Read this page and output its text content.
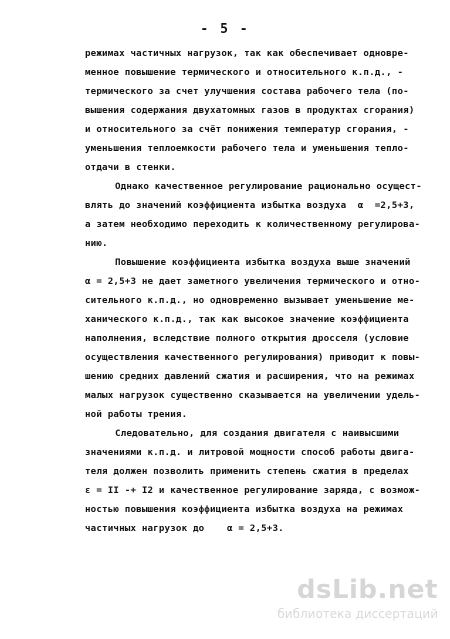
- 5 -
режимах частичных нагрузок, так как обеспечивает одновре-
менное повышение термического и относительного к.п.д., -
термического за счет улучшения состава рабочего тела (по-
вышения содержания двухатомных газов в продуктах сгорания)
и относительного за счёт понижения температур сгорания, -
уменьшения теплоемкости рабочего тела и уменьшения тепло-
отдачи в стенки.
Однако качественное регулирование рационально осущест-
влять до значений коэффициента избытка воздуха  α  =2,5+3,
а затем необходимо переходить к количественному регулирова-
нию.
Повышение коэффициента избытка воздуха выше значений
α = 2,5+3 не дает заметного увеличения термического и отно-
сительного к.п.д., но одновременно вызывает уменьшение ме-
ханического к.п.д., так как высокое значение коэффициента
наполнения, вследствие полного открытия дросселя (условие
осуществления качественного регулирования) приводит к повы-
шению средних давлений сжатия и расширения, что на режимах
малых нагрузок существенно сказывается на увеличении удель-
ной работы трения.
Следовательно, для создания двигателя с наивысшими
значениями к.п.д. и литровой мощности способ работы двига-
теля должен позволить применить степень сжатия в пределах
ε = II -+ I2 и качественное регулирование заряда, с возмож-
ностью повышения коэффициента избытка воздуха на режимах
частичных нагрузок до    α = 2,5+3.
dsLib.net
библиотека диссертаций
